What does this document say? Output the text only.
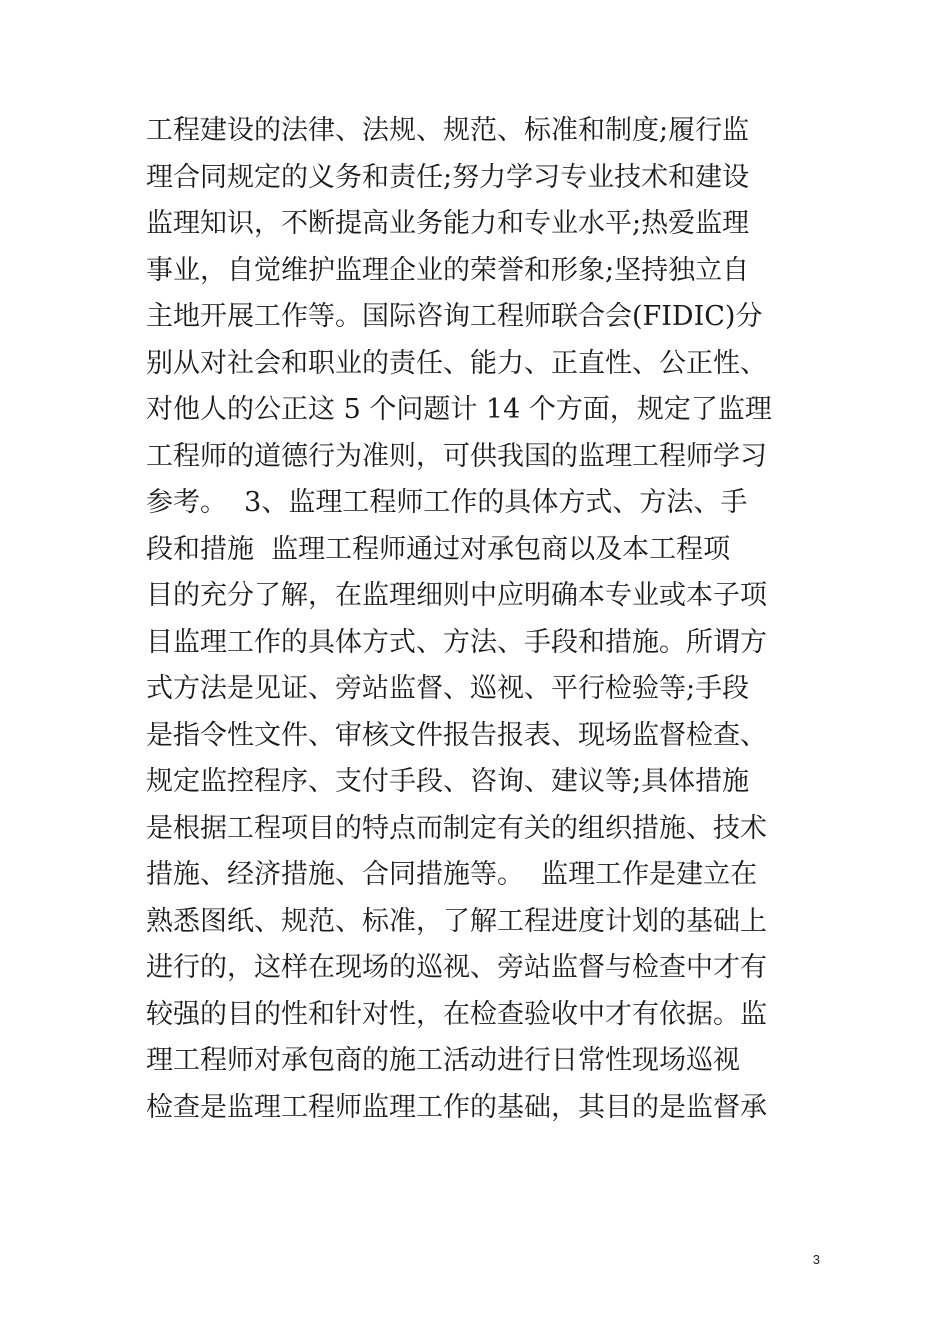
工程建设的法律、法规、规范、标准和制度;履行监
理合同规定的义务和责任;努力学习专业技术和建设
监理知识，不断提高业务能力和专业水平;热爱监理
事业，自觉维护监理企业的荣誉和形象;坚持独立自
主地开展工作等。国际咨询工程师联合会(FIDIC)分
别从对社会和职业的责任、能力、正直性、公正性、
对他人的公正这 5 个问题计 14 个方面，规定了监理
工程师的道德行为准则，可供我国的监理工程师学习
参考。  3、监理工程师工作的具体方式、方法、手
段和措施  监理工程师通过对承包商以及本工程项
目的充分了解，在监理细则中应明确本专业或本子项
目监理工作的具体方式、方法、手段和措施。所谓方
式方法是见证、旁站监督、巡视、平行检验等;手段
是指令性文件、审核文件报告报表、现场监督检查、
规定监控程序、支付手段、咨询、建议等;具体措施
是根据工程项目的特点而制定有关的组织措施、技术
措施、经济措施、合同措施等。  监理工作是建立在
熟悉图纸、规范、标准，了解工程进度计划的基础上
进行的，这样在现场的巡视、旁站监督与检查中才有
较强的目的性和针对性，在检查验收中才有依据。监
理工程师对承包商的施工活动进行日常性现场巡视
检查是监理工程师监理工作的基础，其目的是监督承
3
